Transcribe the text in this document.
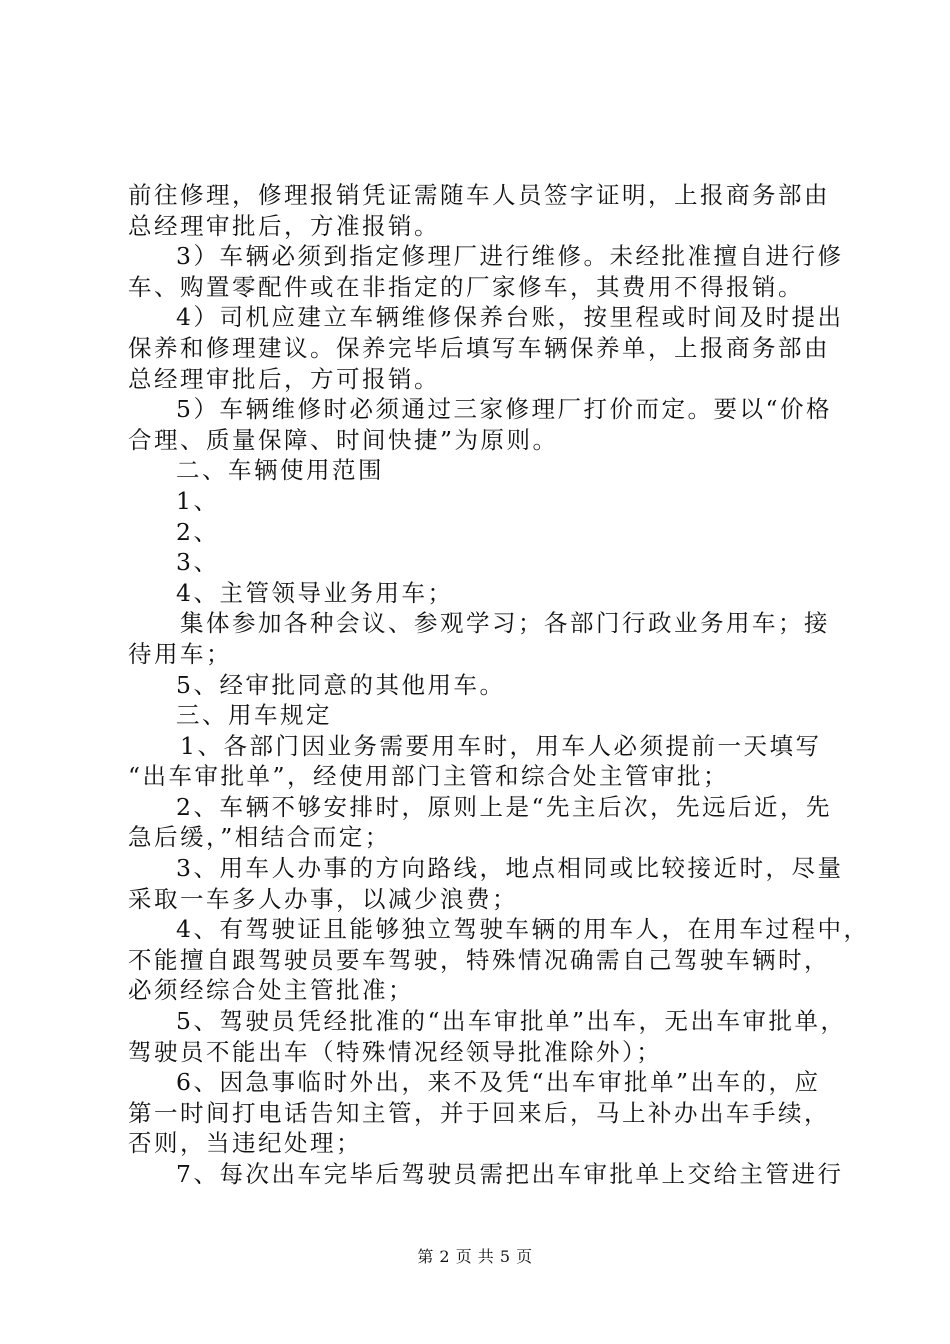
前往修理，修理报销凭证需随车人员签字证明，上报商务部由
总经理审批后，方准报销。
3）车辆必须到指定修理厂进行维修。未经批准擅自进行修
车、购置零配件或在非指定的厂家修车，其费用不得报销。
4）司机应建立车辆维修保养台账，按里程或时间及时提出
保养和修理建议。保养完毕后填写车辆保养单，上报商务部由
总经理审批后，方可报销。
5）车辆维修时必须通过三家修理厂打价而定。要以“价格
合理、质量保障、时间快捷”为原则。
二、车辆使用范围
1、
2、
3、
4、主管领导业务用车；
集体参加各种会议、参观学习；各部门行政业务用车；接
待用车；
5、经审批同意的其他用车。
三、用车规定
1、各部门因业务需要用车时，用车人必须提前一天填写
“出车审批单”，经使用部门主管和综合处主管审批；
2、车辆不够安排时，原则上是“先主后次，先远后近，先
急后缓，”相结合而定；
3、用车人办事的方向路线，地点相同或比较接近时，尽量
采取一车多人办事，以减少浪费；
4、有驾驶证且能够独立驾驶车辆的用车人，在用车过程中，
不能擅自跟驾驶员要车驾驶，特殊情况确需自己驾驶车辆时，
必须经综合处主管批准；
5、驾驶员凭经批准的“出车审批单”出车，无出车审批单，
驾驶员不能出车（特殊情况经领导批准除外）；
6、因急事临时外出，来不及凭“出车审批单”出车的，应
第一时间打电话告知主管，并于回来后，马上补办出车手续，
否则，当违纪处理；
7、每次出车完毕后驾驶员需把出车审批单上交给主管进行
第 2 页 共 5 页
